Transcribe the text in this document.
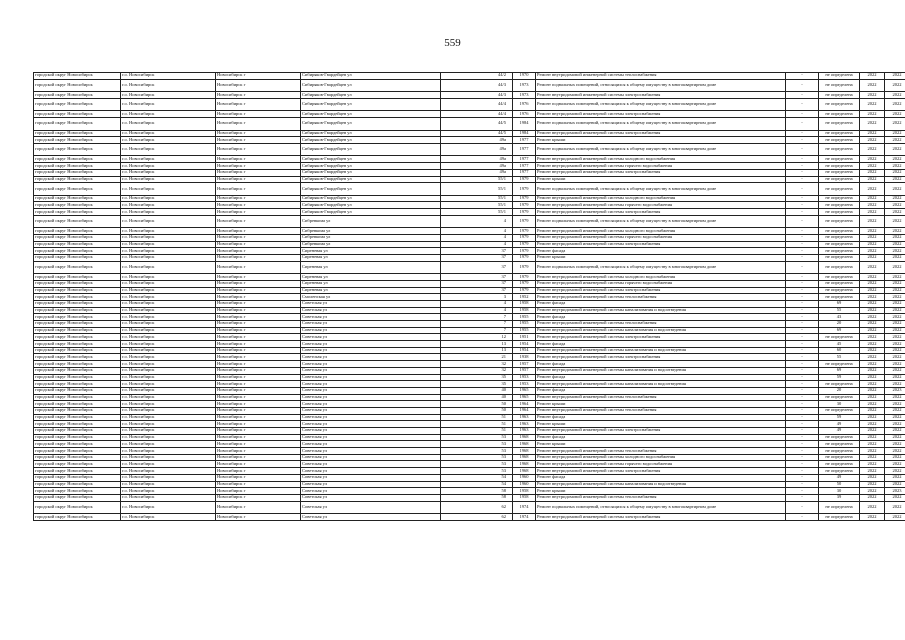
559
городской округ Новосибирск	г.о. Новосибирск	Новосибирск г	Сибиряков-Гвардейцев ул	44/2	1970	Ремонт внутридомовой инженерной системы теплоснабжения	-	не определена	2022	2022
городской округ Новосибирск	г.о. Новосибирск	Новосибирск г	Сибиряков-Гвардейцев ул	44/3	1973	Ремонт подвальных помещений, относящихся к общему имуществу в многоквартирном доме	-	не определена	2022	2022
городской округ Новосибирск	г.о. Новосибирск	Новосибирск г	Сибиряков-Гвардейцев ул	44/3	1973	Ремонт внутридомовой инженерной системы электроснабжения	-	не определена	2022	2022
городской округ Новосибирск	г.о. Новосибирск	Новосибирск г	Сибиряков-Гвардейцев ул	44/4	1976	Ремонт подвальных помещений, относящихся к общему имуществу в многоквартирном доме	-	не определена	2022	2022
городской округ Новосибирск	г.о. Новосибирск	Новосибирск г	Сибиряков-Гвардейцев ул	44/4	1976	Ремонт внутридомовой инженерной системы электроснабжения	-	не определена	2022	2022
городской округ Новосибирск	г.о. Новосибирск	Новосибирск г	Сибиряков-Гвардейцев ул	44/5	1984	Ремонт подвальных помещений, относящихся к общему имуществу в многоквартирном доме	-	не определена	2022	2022
городской округ Новосибирск	г.о. Новосибирск	Новосибирск г	Сибиряков-Гвардейцев ул	44/5	1984	Ремонт внутридомовой инженерной системы электроснабжения	-	не определена	2022	2022
городской округ Новосибирск	г.о. Новосибирск	Новосибирск г	Сибиряков-Гвардейцев ул	49а	1977	Ремонт крыши	-	не определена	2022	2022
городской округ Новосибирск	г.о. Новосибирск	Новосибирск г	Сибиряков-Гвардейцев ул	49а	1977	Ремонт подвальных помещений, относящихся к общему имуществу в многоквартирном доме	-	не определена	2022	2022
городской округ Новосибирск	г.о. Новосибирск	Новосибирск г	Сибиряков-Гвардейцев ул	49а	1977	Ремонт внутридомовой инженерной системы холодного водоснабжения	-	не определена	2022	2022
городской округ Новосибирск	г.о. Новосибирск	Новосибирск г	Сибиряков-Гвардейцев ул	49а	1977	Ремонт внутридомовой инженерной системы горячего водоснабжения	-	не определена	2022	2022
городской округ Новосибирск	г.о. Новосибирск	Новосибирск г	Сибиряков-Гвардейцев ул	49а	1977	Ремонт внутридомовой инженерной системы электроснабжения	-	не определена	2022	2022
городской округ Новосибирск	г.о. Новосибирск	Новосибирск г	Сибиряков-Гвардейцев ул	55/1	1979	Ремонт крыши	-	не определена	2022	2022
городской округ Новосибирск	г.о. Новосибирск	Новосибирск г	Сибиряков-Гвардейцев ул	55/1	1979	Ремонт подвальных помещений, относящихся к общему имуществу в многоквартирном доме	-	не определена	2022	2022
городской округ Новосибирск	г.о. Новосибирск	Новосибирск г	Сибиряков-Гвардейцев ул	55/1	1979	Ремонт внутридомовой инженерной системы холодного водоснабжения	-	не определена	2022	2022
городской округ Новосибирск	г.о. Новосибирск	Новосибирск г	Сибиряков-Гвардейцев ул	55/1	1979	Ремонт внутридомовой инженерной системы горячего водоснабжения	-	не определена	2022	2022
городской округ Новосибирск	г.о. Новосибирск	Новосибирск г	Сибиряков-Гвардейцев ул	55/1	1979	Ремонт внутридомовой инженерной системы электроснабжения	-	не определена	2022	2022
городской округ Новосибирск	г.о. Новосибирск	Новосибирск г	Сибревкома ул	4	1979	Ремонт подвальных помещений, относящихся к общему имуществу в многоквартирном доме	-	не определена	2022	2022
городской округ Новосибирск	г.о. Новосибирск	Новосибирск г	Сибревкома ул	4	1979	Ремонт внутридомовой инженерной системы холодного водоснабжения	-	не определена	2022	2022
городской округ Новосибирск	г.о. Новосибирск	Новосибирск г	Сибревкома ул	4	1979	Ремонт внутридомовой инженерной системы горячего водоснабжения	-	не определена	2022	2022
городской округ Новосибирск	г.о. Новосибирск	Новосибирск г	Сибревкома ул	4	1979	Ремонт внутридомовой инженерной системы электроснабжения	-	не определена	2022	2022
городской округ Новосибирск	г.о. Новосибирск	Новосибирск г	Сиреневая ул	37	1979	Ремонт фасада	-	не определена	2022	2022
городской округ Новосибирск	г.о. Новосибирск	Новосибирск г	Сиреневая ул	37	1979	Ремонт крыши	-	не определена	2022	2022
городской округ Новосибирск	г.о. Новосибирск	Новосибирск г	Сиреневая ул	37	1979	Ремонт подвальных помещений, относящихся к общему имуществу в многоквартирном доме	-	не определена	2022	2022
городской округ Новосибирск	г.о. Новосибирск	Новосибирск г	Сиреневая ул	37	1979	Ремонт внутридомовой инженерной системы холодного водоснабжения	-	не определена	2022	2022
городской округ Новосибирск	г.о. Новосибирск	Новосибирск г	Сиреневая ул	37	1979	Ремонт внутридомовой инженерной системы горячего водоснабжения	-	не определена	2022	2022
городской округ Новосибирск	г.о. Новосибирск	Новосибирск г	Сиреневая ул	37	1979	Ремонт внутридомовой инженерной системы электроснабжения	-	не определена	2022	2022
городской округ Новосибирск	г.о. Новосибирск	Новосибирск г	Смоленская ул	3	1952	Ремонт внутридомовой инженерной системы теплоснабжения	-	не определена	2022	2022
городской округ Новосибирск	г.о. Новосибирск	Новосибирск г	Советская ул	4	1958	Ремонт фасада	-	69	2022	2022
городской округ Новосибирск	г.о. Новосибирск	Новосибирск г	Советская ул	4	1958	Ремонт внутридомовой инженерной системы канализования и водоотведения	-	55	2022	2022
городской округ Новосибирск	г.о. Новосибирск	Новосибирск г	Советская ул	7	1955	Ремонт фасада	-	43	2022	2022
городской округ Новосибирск	г.о. Новосибирск	Новосибирск г	Советская ул	7	1955	Ремонт внутридомовой инженерной системы теплоснабжения	-	20	2022	2022
городской округ Новосибирск	г.о. Новосибирск	Новосибирск г	Советская ул	7	1955	Ремонт внутридомовой инженерной системы канализования и водоотведения	-	69	2022	2022
городской округ Новосибирск	г.о. Новосибирск	Новосибирск г	Советская ул	12	1951	Ремонт внутридомовой инженерной системы электроснабжения	-	не определена	2022	2022
городской округ Новосибирск	г.о. Новосибирск	Новосибирск г	Советская ул	13	1954	Ремонт фасада	-	45	2022	2022
городской округ Новосибирск	г.о. Новосибирск	Новосибирск г	Советская ул	13	1954	Ремонт внутридомовой инженерной системы канализования и водоотведения	-	60	2022	2022
городской округ Новосибирск	г.о. Новосибирск	Новосибирск г	Советская ул	21	1938	Ремонт внутридомовой инженерной системы электроснабжения	-	55	2022	2022
городской округ Новосибирск	г.о. Новосибирск	Новосибирск г	Советская ул	32	1957	Ремонт фасада	-	не определена	2022	2022
городской округ Новосибирск	г.о. Новосибирск	Новосибирск г	Советская ул	32	1957	Ремонт внутридомовой инженерной системы канализования и водоотведения	-	69	2022	2022
городской округ Новосибирск	г.о. Новосибирск	Новосибирск г	Советская ул	35	1953	Ремонт фасада	-	59	2022	2022
городской округ Новосибирск	г.о. Новосибирск	Новосибирск г	Советская ул	35	1953	Ремонт внутридомовой инженерной системы канализования и водоотведения	-	не определена	2022	2022
городской округ Новосибирск	г.о. Новосибирск	Новосибирск г	Советская ул	40	1965	Ремонт фасада	-	20	2022	2023
городской округ Новосибирск	г.о. Новосибирск	Новосибирск г	Советская ул	40	1965	Ремонт внутридомовой инженерной системы теплоснабжения	-	не определена	2022	2022
городской округ Новосибирск	г.о. Новосибирск	Новосибирск г	Советская ул	50	1964	Ремонт крыши	-	30	2022	2022
городской округ Новосибирск	г.о. Новосибирск	Новосибирск г	Советская ул	50	1964	Ремонт внутридомовой инженерной системы теплоснабжения	-	не определена	2022	2022
городской округ Новосибирск	г.о. Новосибирск	Новосибирск г	Советская ул	51	1963	Ремонт фасада	-	59	2022	2022
городской округ Новосибирск	г.о. Новосибирск	Новосибирск г	Советская ул	51	1963	Ремонт крыши	-	49	2022	2022
городской округ Новосибирск	г.о. Новосибирск	Новосибирск г	Советская ул	51	1963	Ремонт внутридомовой инженерной системы электроснабжения	-	49	2022	2022
городской округ Новосибирск	г.о. Новосибирск	Новосибирск г	Советская ул	53	1968	Ремонт фасада	-	не определена	2022	2022
городской округ Новосибирск	г.о. Новосибирск	Новосибирск г	Советская ул	53	1968	Ремонт крыши	-	не определена	2022	2022
городской округ Новосибирск	г.о. Новосибирск	Новосибирск г	Советская ул	53	1968	Ремонт внутридомовой инженерной системы теплоснабжения	-	не определена	2022	2022
городской округ Новосибирск	г.о. Новосибирск	Новосибирск г	Советская ул	53	1968	Ремонт внутридомовой инженерной системы холодного водоснабжения	-	не определена	2022	2022
городской округ Новосибирск	г.о. Новосибирск	Новосибирск г	Советская ул	53	1968	Ремонт внутридомовой инженерной системы горячего водоснабжения	-	не определена	2022	2022
городской округ Новосибирск	г.о. Новосибирск	Новосибирск г	Советская ул	53	1968	Ремонт внутридомовой инженерной системы электроснабжения	-	не определена	2022	2022
городской округ Новосибирск	г.о. Новосибирск	Новосибирск г	Советская ул	54	1960	Ремонт фасада	-	49	2022	2022
городской округ Новосибирск	г.о. Новосибирск	Новосибирск г	Советская ул	54	1960	Ремонт внутридомовой инженерной системы канализования и водоотведения	-	50	2022	2022
городской округ Новосибирск	г.о. Новосибирск	Новосибирск г	Советская ул	58	1958	Ремонт крыши	-	30	2022	2023
городской округ Новосибирск	г.о. Новосибирск	Новосибирск г	Советская ул	58	1958	Ремонт внутридомовой инженерной системы теплоснабжения	-	39	2022	2022
городской округ Новосибирск	г.о. Новосибирск	Новосибирск г	Советская ул	62	1974	Ремонт подвальных помещений, относящихся к общему имуществу в многоквартирном доме	-	не определена	2022	2022
городской округ Новосибирск	г.о. Новосибирск	Новосибирск г	Советская ул	62	1974	Ремонт внутридомовой инженерной системы электроснабжения	-	не определена	2022	2022
